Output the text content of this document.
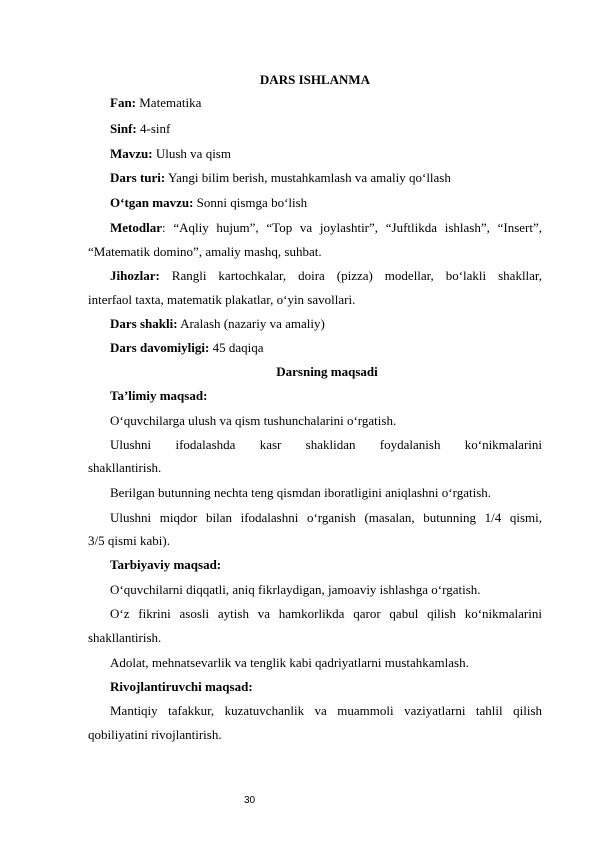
DARS ISHLANMA
Fan: Matematika
Sinf: 4-sinf
Mavzu: Ulush va qism
Dars turi: Yangi bilim berish, mustahkamlash va amaliy qo‘llash
O‘tgan mavzu: Sonni qismga bo‘lish
Metodlar: “Aqliy hujum”, “Top va joylashtir”, “Juftlikda ishlash”, “Insert”,
“Matematik domino”, amaliy mashq, suhbat.
Jihozlar: Rangli kartochkalar, doira (pizza) modellar, bo‘lakli shakllar,
interfaol taxta, matematik plakatlar, o‘yin savollari.
Dars shakli: Aralash (nazariy va amaliy)
Dars davomiyligi: 45 daqiqa
Darsning maqsadi
Ta’limiy maqsad:
O‘quvchilarga ulush va qism tushunchalarini o‘rgatish.
Ulushni ifodalashda kasr shaklidan foydalanish ko‘nikmalarini
shakllantirish.
Berilgan butunning nechta teng qismdan iboratligini aniqlashni o‘rgatish.
Ulushni miqdor bilan ifodalashni o‘rganish (masalan, butunning 1/4 qismi,
3/5 qismi kabi).
Tarbiyaviy maqsad:
O‘quvchilarni diqqatli, aniq fikrlaydigan, jamoaviy ishlashga o‘rgatish.
O‘z fikrini asosli aytish va hamkorlikda qaror qabul qilish ko‘nikmalarini
shakllantirish.
Adolat, mehnatsevarlik va tenglik kabi qadriyatlarni mustahkamlash.
Rivojlantiruvchi maqsad:
Mantiqiy tafakkur, kuzatuvchanlik va muammoli vaziyatlarni tahlil qilish
qobiliyatini rivojlantirish.
30
